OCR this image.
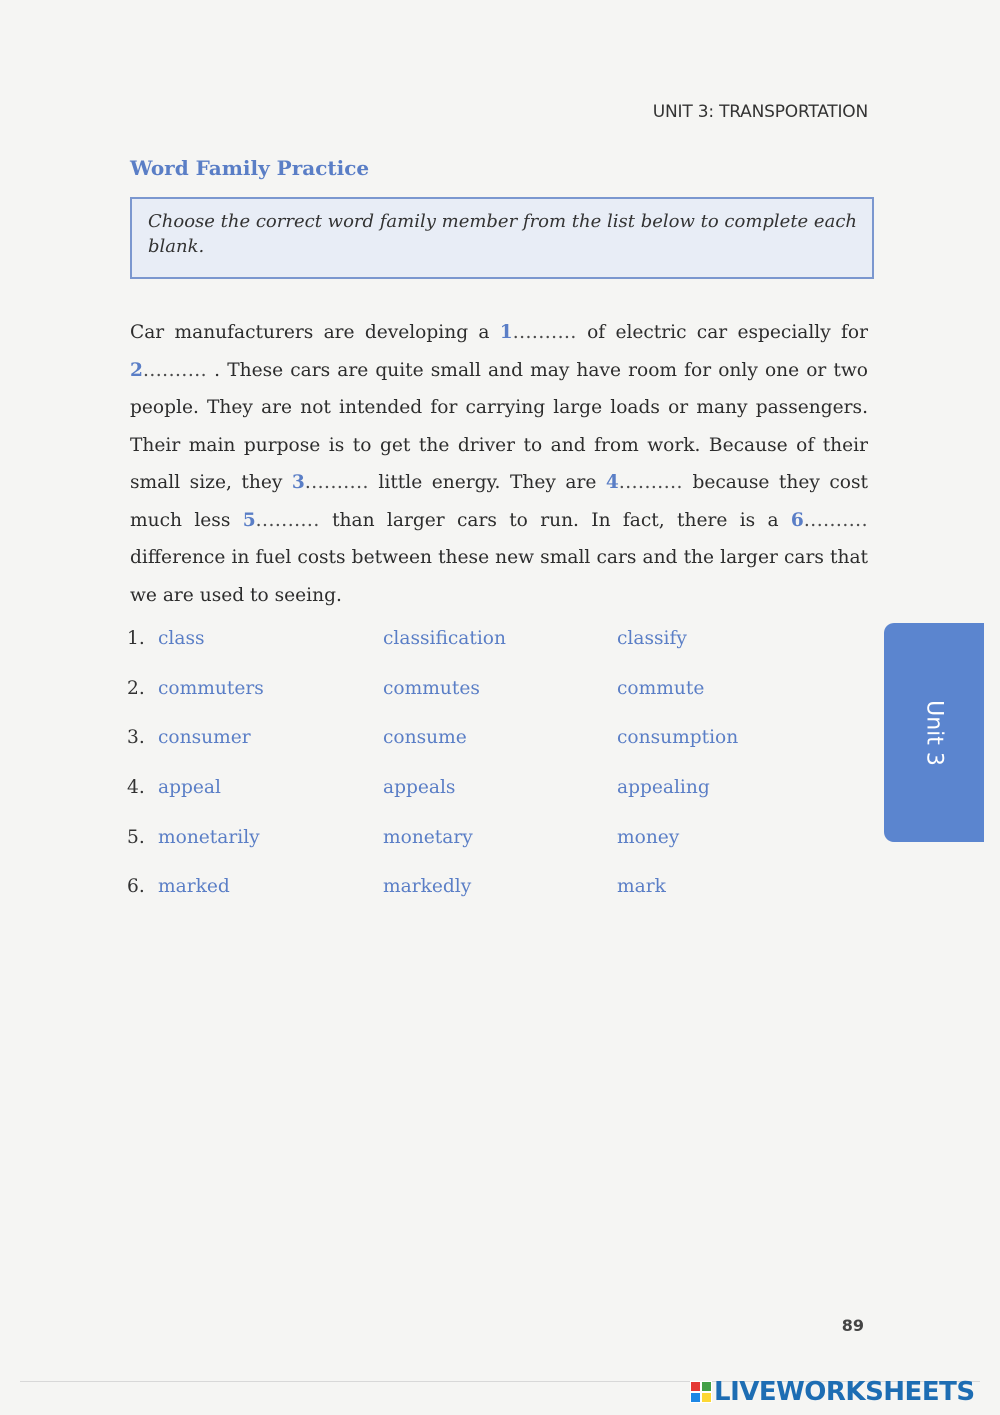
UNIT 3: TRANSPORTATION
Word Family Practice
Choose the correct word family member from the list below to complete each blank.
Car manufacturers are developing a 1.......... of electric car especially for 2.......... . These cars are quite small and may have room for only one or two people. They are not intended for carrying large loads or many passengers. Their main purpose is to get the driver to and from work. Because of their small size, they 3.......... little energy. They are 4.......... because they cost much less 5.......... than larger cars to run. In fact, there is a 6.......... difference in fuel costs between these new small cars and the larger cars that we are used to seeing.
1. class	classification	classify
2. commuters	commutes	commute
3. consumer	consume	consumption
4. appeal	appeals	appealing
5. monetarily	monetary	money
6. marked	markedly	mark
Unit 3
89
LIVEWORKSHEETS
